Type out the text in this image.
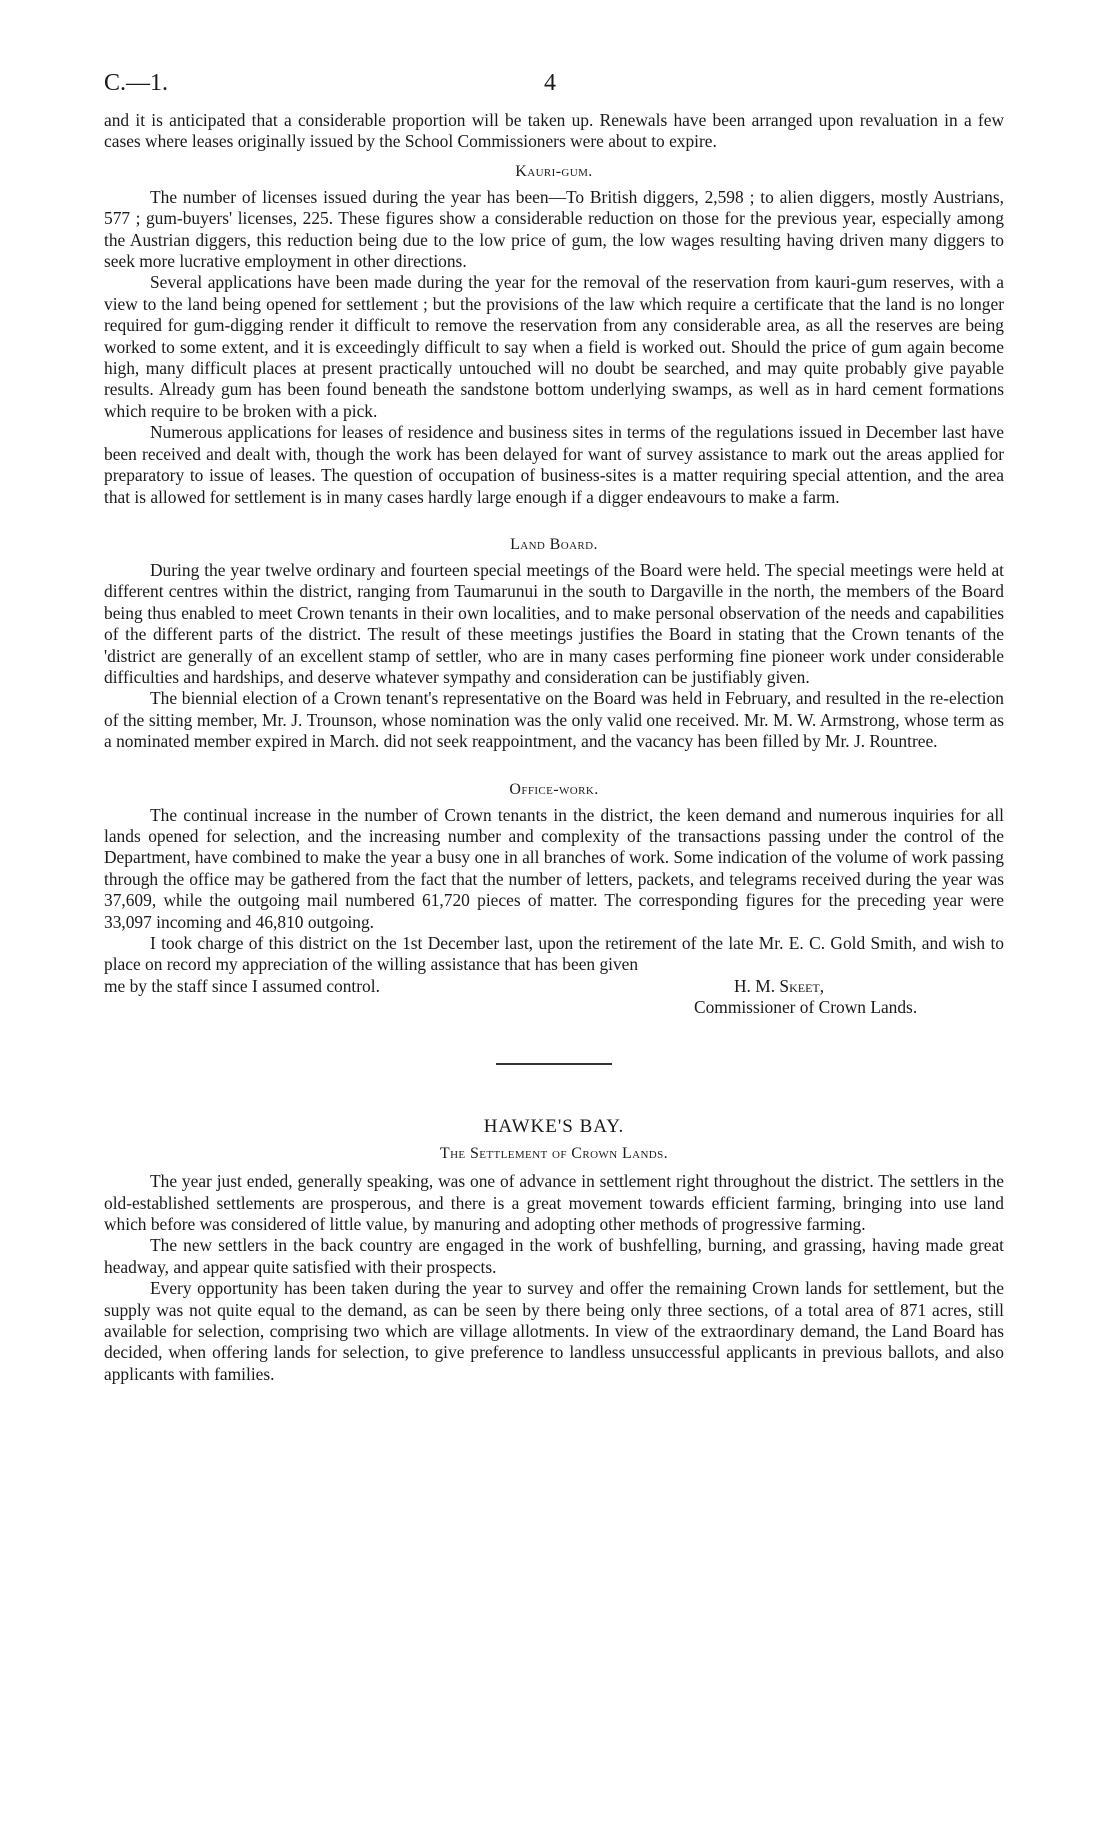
C.—1.	4

and it is anticipated that a considerable proportion will be taken up. Renewals have been arranged upon revaluation in a few cases where leases originally issued by the School Commissioners were about to expire.

Kauri-gum.

The number of licenses issued during the year has been—To British diggers, 2,598 ; to alien diggers, mostly Austrians, 577 ; gum-buyers' licenses, 225. These figures show a considerable reduction on those for the previous year, especially among the Austrian diggers, this reduction being due to the low price of gum, the low wages resulting having driven many diggers to seek more lucrative employment in other directions.

Several applications have been made during the year for the removal of the reservation from kauri-gum reserves, with a view to the land being opened for settlement ; but the provisions of the law which require a certificate that the land is no longer required for gum-digging render it difficult to remove the reservation from any considerable area, as all the reserves are being worked to some extent, and it is exceedingly difficult to say when a field is worked out. Should the price of gum again become high, many difficult places at present practically untouched will no doubt be searched, and may quite probably give payable results. Already gum has been found beneath the sandstone bottom underlying swamps, as well as in hard cement formations which require to be broken with a pick.

Numerous applications for leases of residence and business sites in terms of the regulations issued in December last have been received and dealt with, though the work has been delayed for want of survey assistance to mark out the areas applied for preparatory to issue of leases. The question of occupation of business-sites is a matter requiring special attention, and the area that is allowed for settlement is in many cases hardly large enough if a digger endeavours to make a farm.

Land Board.

During the year twelve ordinary and fourteen special meetings of the Board were held. The special meetings were held at different centres within the district, ranging from Taumarunui in the south to Dargaville in the north, the members of the Board being thus enabled to meet Crown tenants in their own localities, and to make personal observation of the needs and capabilities of the different parts of the district. The result of these meetings justifies the Board in stating that the Crown tenants of the 'district are generally of an excellent stamp of settler, who are in many cases performing fine pioneer work under considerable difficulties and hardships, and deserve whatever sympathy and consideration can be justifiably given.

The biennial election of a Crown tenant's representative on the Board was held in February, and resulted in the re-election of the sitting member, Mr. J. Trounson, whose nomination was the only valid one received. Mr. M. W. Armstrong, whose term as a nominated member expired in March. did not seek reappointment, and the vacancy has been filled by Mr. J. Rountree.

Office-work.

The continual increase in the number of Crown tenants in the district, the keen demand and numerous inquiries for all lands opened for selection, and the increasing number and complexity of the transactions passing under the control of the Department, have combined to make the year a busy one in all branches of work. Some indication of the volume of work passing through the office may be gathered from the fact that the number of letters, packets, and telegrams received during the year was 37,609, while the outgoing mail numbered 61,720 pieces of matter. The corresponding figures for the preceding year were 33,097 incoming and 46,810 outgoing.

I took charge of this district on the 1st December last, upon the retirement of the late Mr. E. C. Gold Smith, and wish to place on record my appreciation of the willing assistance that has been given

me by the staff since I assumed control.	H. M. Skeet,
Commissioner of Crown Lands.
HAWKE'S BAY.
The Settlement of Crown Lands.

The year just ended, generally speaking, was one of advance in settlement right throughout the district. The settlers in the old-established settlements are prosperous, and there is a great movement towards efficient farming, bringing into use land which before was considered of little value, by manuring and adopting other methods of progressive farming.

The new settlers in the back country are engaged in the work of bushfelling, burning, and grassing, having made great headway, and appear quite satisfied with their prospects.

Every opportunity has been taken during the year to survey and offer the remaining Crown lands for settlement, but the supply was not quite equal to the demand, as can be seen by there being only three sections, of a total area of 871 acres, still available for selection, comprising two which are village allotments. In view of the extraordinary demand, the Land Board has decided, when offering lands for selection, to give preference to landless unsuccessful applicants in previous ballots, and also applicants with families.
